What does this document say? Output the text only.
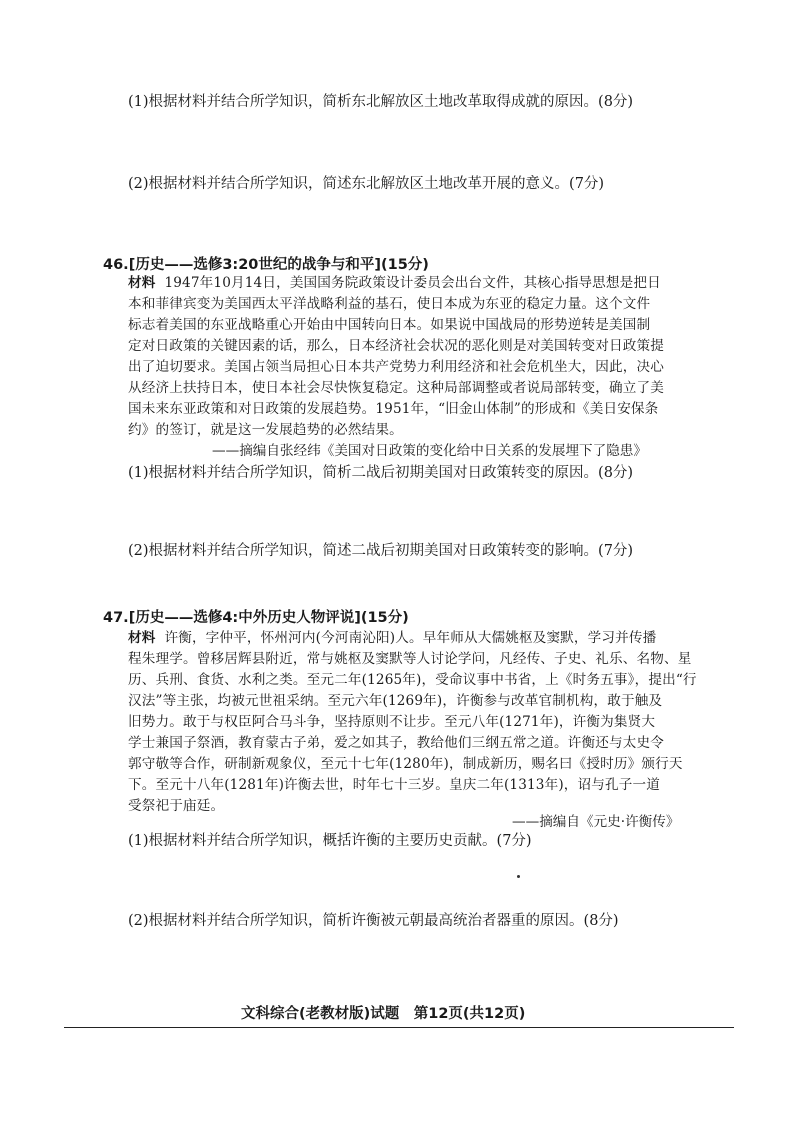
(1)根据材料并结合所学知识，简析东北解放区土地改革取得成就的原因。(8分)
(2)根据材料并结合所学知识，简述东北解放区土地改革开展的意义。(7分)
46.[历史——选修3:20世纪的战争与和平](15分)
材料 1947年10月14日，美国国务院政策设计委员会出台文件，其核心指导思想是把日
本和菲律宾变为美国西太平洋战略利益的基石，使日本成为东亚的稳定力量。这个文件
标志着美国的东亚战略重心开始由中国转向日本。如果说中国战局的形势逆转是美国制
定对日政策的关键因素的话，那么，日本经济社会状况的恶化则是对美国转变对日政策提
出了迫切要求。美国占领当局担心日本共产党势力利用经济和社会危机坐大，因此，决心
从经济上扶持日本，使日本社会尽快恢复稳定。这种局部调整或者说局部转变，确立了美
国未来东亚政策和对日政策的发展趋势。1951年，“旧金山体制”的形成和《美日安保条
约》的签订，就是这一发展趋势的必然结果。
——摘编自张经纬《美国对日政策的变化给中日关系的发展埋下了隐患》
(1)根据材料并结合所学知识，简析二战后初期美国对日政策转变的原因。(8分)
(2)根据材料并结合所学知识，简述二战后初期美国对日政策转变的影响。(7分)
47.[历史——选修4:中外历史人物评说](15分)
材料 许衡，字仲平，怀州河内(今河南沁阳)人。早年师从大儒姚枢及窦默，学习并传播
程朱理学。曾移居辉县附近，常与姚枢及窦默等人讨论学问，凡经传、子史、礼乐、名物、星
历、兵刑、食货、水利之类。至元二年(1265年)，受命议事中书省，上《时务五事》，提出“行
汉法”等主张，均被元世祖采纳。至元六年(1269年)，许衡参与改革官制机构，敢于触及
旧势力。敢于与权臣阿合马斗争，坚持原则不让步。至元八年(1271年)，许衡为集贤大
学士兼国子祭酒，教育蒙古子弟，爱之如其子，教给他们三纲五常之道。许衡还与太史令
郭守敬等合作，研制新观象仪，至元十七年(1280年)，制成新历，赐名曰《授时历》颁行天
下。至元十八年(1281年)许衡去世，时年七十三岁。皇庆二年(1313年)，诏与孔子一道
受祭祀于庙廷。
——摘编自《元史·许衡传》
(1)根据材料并结合所学知识，概括许衡的主要历史贡献。(7分)
(2)根据材料并结合所学知识，简析许衡被元朝最高统治者器重的原因。(8分)
文科综合(老教材版)试题　第12页(共12页)
